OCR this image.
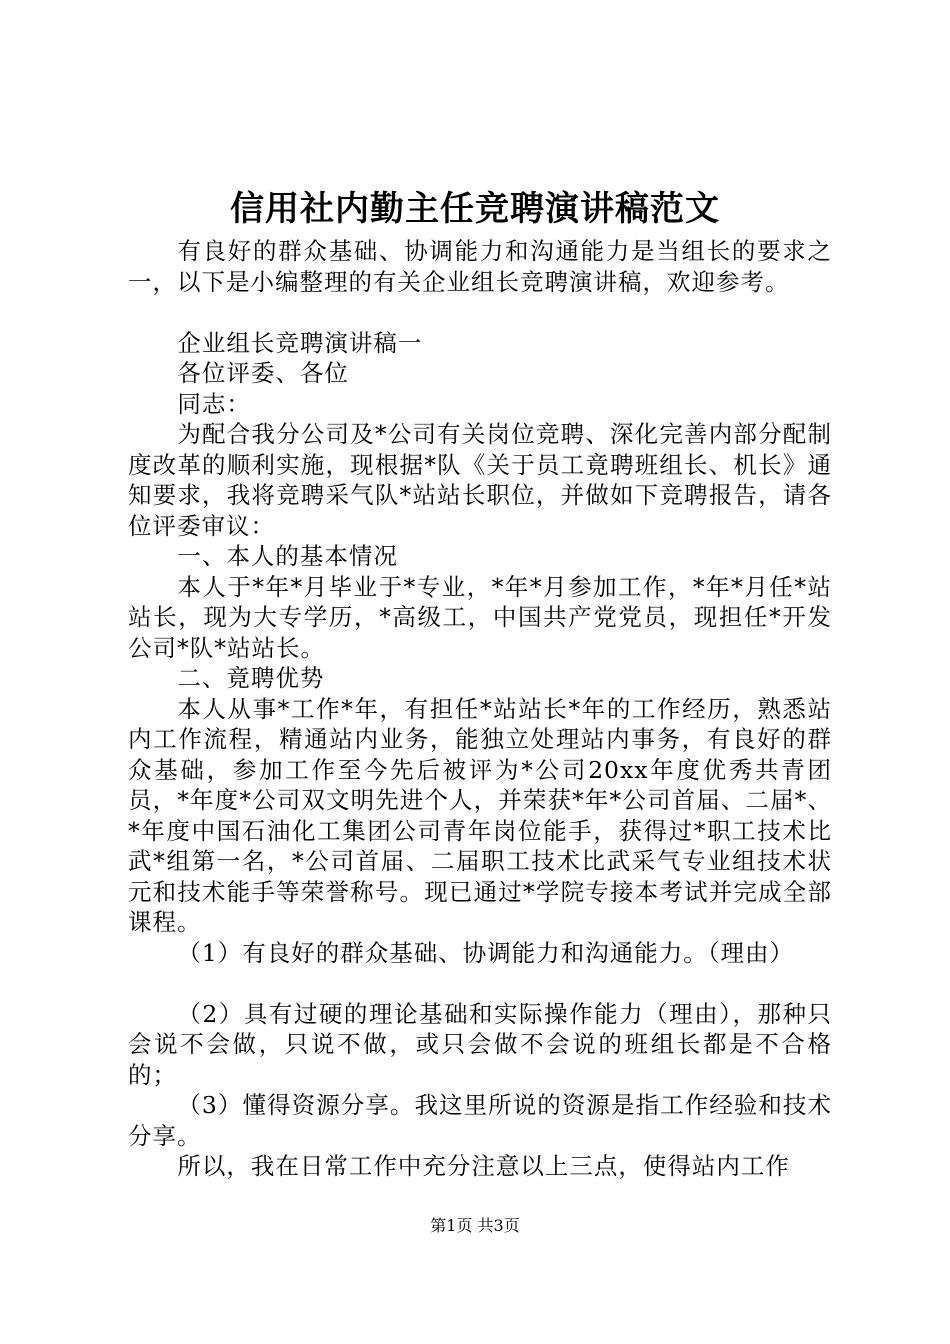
信用社内勤主任竞聘演讲稿范文

有良好的群众基础、协调能力和沟通能力是当组长的要求之一，以下是小编整理的有关企业组长竞聘演讲稿，欢迎参考。

企业组长竞聘演讲稿一

各位评委、各位

同志：

为配合我分公司及*公司有关岗位竞聘、深化完善内部分配制度改革的顺利实施，现根据*队《关于员工竟聘班组长、机长》通知要求，我将竞聘采气队*站站长职位，并做如下竞聘报告，请各位评委审议：

一、本人的基本情况

本人于*年*月毕业于*专业，*年*月参加工作，*年*月任*站站长，现为大专学历，*高级工，中国共产党党员，现担任*开发公司*队*站站长。

二、竟聘优势

本人从事*工作*年，有担任*站站长*年的工作经历，熟悉站内工作流程，精通站内业务，能独立处理站内事务，有良好的群众基础，参加工作至今先后被评为*公司20xx年度优秀共青团员，*年度*公司双文明先进个人，并荣获*年*公司首届、二届*、*年度中国石油化工集团公司青年岗位能手，获得过*职工技术比武*组第一名，*公司首届、二届职工技术比武采气专业组技术状元和技术能手等荣誉称号。现已通过*学院专接本考试并完成全部课程。

（1）有良好的群众基础、协调能力和沟通能力。（理由）

（2）具有过硬的理论基础和实际操作能力（理由），那种只会说不会做，只说不做，或只会做不会说的班组长都是不合格的；

（3）懂得资源分享。我这里所说的资源是指工作经验和技术分享。

所以，我在日常工作中充分注意以上三点，使得站内工作

第1页 共3页
